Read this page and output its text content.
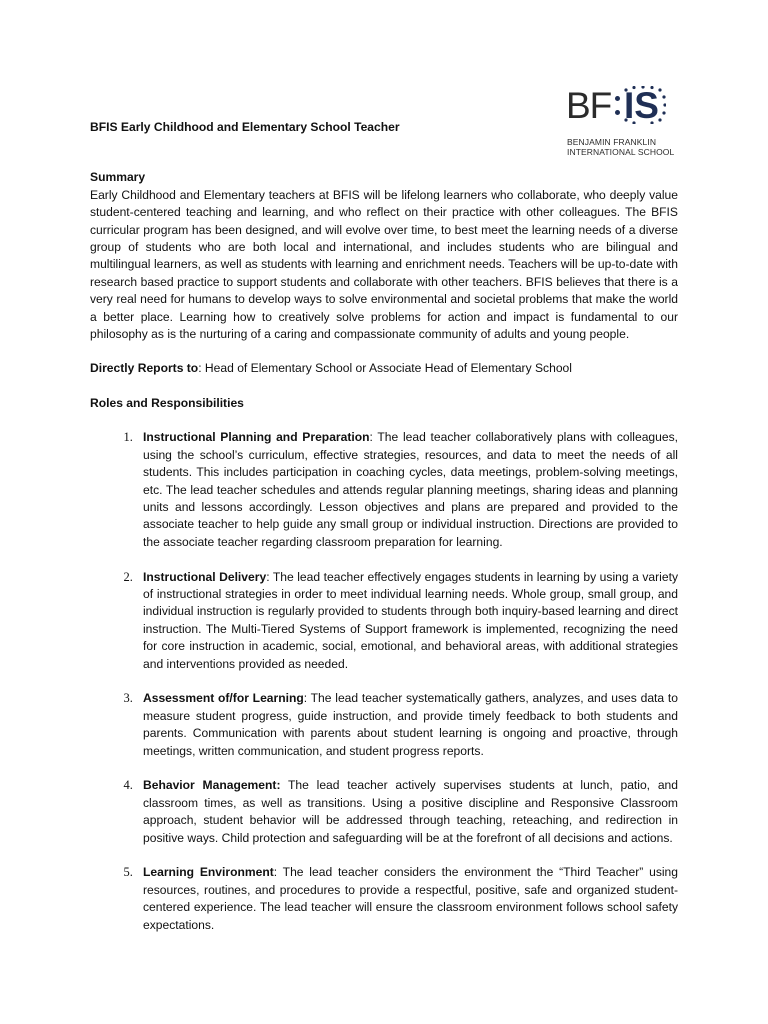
BF IS
BENJAMIN FRANKLIN
INTERNATIONAL SCHOOL

BFIS Early Childhood and Elementary School Teacher

Summary

Early Childhood and Elementary teachers at BFIS will be lifelong learners who collaborate, who deeply value student-centered teaching and learning, and who reflect on their practice with other colleagues. The BFIS curricular program has been designed, and will evolve over time, to best meet the learning needs of a diverse group of students who are both local and international, and includes students who are bilingual and multilingual learners, as well as students with learning and enrichment needs. Teachers will be up-to-date with research based practice to support students and collaborate with other teachers. BFIS believes that there is a very real need for humans to develop ways to solve environmental and societal problems that make the world a better place. Learning how to creatively solve problems for action and impact is fundamental to our philosophy as is the nurturing of a caring and compassionate community of adults and young people.

Directly Reports to: Head of Elementary School or Associate Head of Elementary School

Roles and Responsibilities

1. Instructional Planning and Preparation: The lead teacher collaboratively plans with colleagues, using the school’s curriculum, effective strategies, resources, and data to meet the needs of all students. This includes participation in coaching cycles, data meetings, problem-solving meetings, etc. The lead teacher schedules and attends regular planning meetings, sharing ideas and planning units and lessons accordingly. Lesson objectives and plans are prepared and provided to the associate teacher to help guide any small group or individual instruction. Directions are provided to the associate teacher regarding classroom preparation for learning.
2. Instructional Delivery: The lead teacher effectively engages students in learning by using a variety of instructional strategies in order to meet individual learning needs. Whole group, small group, and individual instruction is regularly provided to students through both inquiry-based learning and direct instruction. The Multi-Tiered Systems of Support framework is implemented, recognizing the need for core instruction in academic, social, emotional, and behavioral areas, with additional strategies and interventions provided as needed.
3. Assessment of/for Learning: The lead teacher systematically gathers, analyzes, and uses data to measure student progress, guide instruction, and provide timely feedback to both students and parents. Communication with parents about student learning is ongoing and proactive, through meetings, written communication, and student progress reports.
4. Behavior Management: The lead teacher actively supervises students at lunch, patio, and classroom times, as well as transitions. Using a positive discipline and Responsive Classroom approach, student behavior will be addressed through teaching, reteaching, and redirection in positive ways. Child protection and safeguarding will be at the forefront of all decisions and actions.
5. Learning Environment: The lead teacher considers the environment the “Third Teacher” using resources, routines, and procedures to provide a respectful, positive, safe and organized student-centered experience. The lead teacher will ensure the classroom environment follows school safety expectations.
